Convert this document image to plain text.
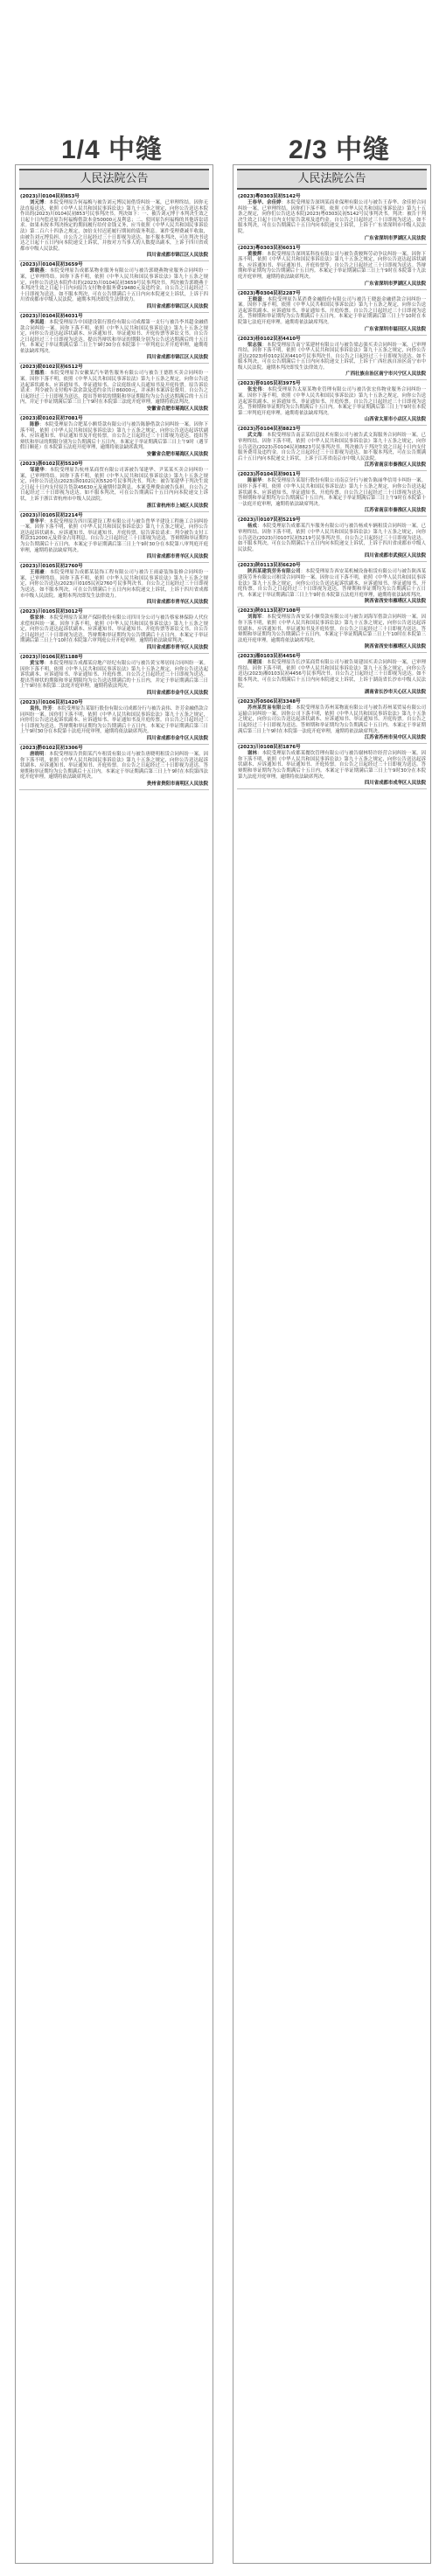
1/4 中缝	2/3 中缝
人民法院公告
(2023)川0104民初853号
刘元博：本院受理原告何福梅与被告刘元博民间借贷纠纷一案，已审理终结。因你无法直接送达，依照《中华人民共和国民事诉讼法》第九十五条之规定，向你公告送达本院作出的(2023)川0104民初853号民事判决书。判决如下：一、被告刘元博于本判决生效之日起十日内偿还原告何福梅借款本金50000元及利息；二、驳回原告何福梅的其他诉讼请求。如果未按本判决指定的期间履行给付金钱义务，应当依照《中华人民共和国民事诉讼法》第二百六十四条之规定，加倍支付迟延履行期间的债务利息。案件受理费减半收取，由被告刘元博负担。自公告之日起经过三十日即视为送达。如不服本判决，可在判决书送达之日起十五日内向本院递交上诉状，并按对方当事人的人数提出副本，上诉于四川省成都市中级人民法院。
四川省成都市锦江区人民法院
(2023)川0104民初3659号
郭晓燕：本院受理原告成都某物业服务有限公司与被告郭晓燕物业服务合同纠纷一案，已审理终结。因你下落不明，依照《中华人民共和国民事诉讼法》第九十五条之规定，向你公告送达本院作出的(2023)川0104民初3659号民事判决书。判决被告郭晓燕于本判决生效之日起十日内向原告支付物业服务费19480元及违约金。自公告之日起经过三十日即视为送达。如不服本判决，可在公告期满后十五日内向本院递交上诉状，上诉于四川省成都市中级人民法院。逾期本判决即发生法律效力。
四川省成都市锦江区人民法院
(2023)川0104民初4031号
李其超：本院受理原告中国建设银行股份有限公司成都第一支行与被告李其超金融借款合同纠纷一案。因你下落不明，依照《中华人民共和国民事诉讼法》第九十五条之规定，向你公告送达起诉状副本、应诉通知书、举证通知书、开庭传票等诉讼文书。自公告之日起经过三十日即视为送达。提出答辩状和举证的期限分别为公告送达期满后的十五日内。本案定于举证期满后第三日上午9时30分在本院第十一审判庭公开开庭审理，逾期将依法缺席判决。
四川省成都市锦江区人民法院
(2023)皖0102民初6512号
王德胜：本院受理原告安徽某汽车销售服务有限公司与被告王德胜买卖合同纠纷一案。因你下落不明，依照《中华人民共和国民事诉讼法》第九十五条之规定，向你公告送达起诉状副本、应诉通知书、举证通知书、合议庭组成人员通知书及开庭传票。原告诉讼请求：判令被告支付购车款余款及违约金共计86000元，并承担本案诉讼费用。自公告之日起经过三十日即视为送达。提出答辩状的期限和举证期限均为公告送达期满后的十五日内，并定于举证期满后第三日上午9时在本院第三法庭开庭审理。逾期将依法判决。
安徽省合肥市瑶海区人民法院
(2023)皖0102民初7081号
陈静：本院受理原告合肥某小额贷款有限公司与被告陈静借款合同纠纷一案。因你下落不明，依照《中华人民共和国民事诉讼法》第九十五条之规定，向你公告送达起诉状副本、应诉通知书、举证通知书及开庭传票。自公告之日起经过三十日即视为送达。提出答辩状和举证的期限分别为公告期满后十五日内。本案定于举证期满后第三日上午9时（遇节假日顺延）在本院第五法庭开庭审理，逾期将依法缺席裁判。
安徽省合肥市瑶海区人民法院
(2023)浙0102民初5520号
邹建华：本院受理原告杭州某商贸有限公司诉被告邹建华、尹某某买卖合同纠纷一案，已审理终结。因你下落不明，依照《中华人民共和国民事诉讼法》第九十五条之规定，向你公告送达(2023)浙0102民初5520号民事判决书。判决：被告邹建华于判决生效之日起十日内支付原告货款45630元及逾期付款利息。本案受理费由被告负担。自公告之日起经过三十日即视为送达。如不服本判决，可在公告期满后十五日内向本院递交上诉状，上诉于浙江省杭州市中级人民法院。
浙江省杭州市上城区人民法院
(2023)川0105民初2214号
曾华平：本院受理原告四川某建设工程有限公司与被告曾华平建设工程施工合同纠纷一案。因你下落不明，依照《中华人民共和国民事诉讼法》第九十五条之规定，向你公告送达起诉状副本、应诉通知书、举证通知书、开庭传票。原告诉讼请求：判令被告支付工程款312000元及资金占用利息。自公告之日起经过三十日即视为送达。答辩期和举证期均为公告期满后十五日内。本案定于举证期满后第三日上午9时30分在本院第八审判庭开庭审理，逾期将依法缺席判决。
四川省成都市青羊区人民法院
(2023)川0105民初2760号
王雨豪：本院受理原告成都某装饰工程有限公司与被告王雨豪装饰装修合同纠纷一案，已审理终结。因你下落不明，依照《中华人民共和国民事诉讼法》第九十五条之规定，向你公告送达(2023)川0105民初2760号民事判决书。自公告之日起经过三十日即视为送达。如不服本判决，可在公告期满后十五日内向本院递交上诉状，上诉于四川省成都市中级人民法院。逾期本判决即发生法律效力。
四川省成都市青羊区人民法院
(2023)川0105民初3012号
蔡家林：本院受理原告某财产保险股份有限公司四川分公司与被告蔡家林保险人代位求偿权纠纷一案。因你下落不明，依照《中华人民共和国民事诉讼法》第九十五条之规定，向你公告送达起诉状副本、应诉通知书、举证通知书、开庭传票等诉讼文书。自公告之日起经过三十日即视为送达。答辩期和举证期均为公告期满后十五日内。本案定于举证期满后第三日上午10时在本院第六审判庭公开开庭审理。逾期将依法缺席判决。
四川省成都市青羊区人民法院
(2023)川0106民初1188号
黄宝琴：本院受理原告成都某房地产经纪有限公司与被告黄宝琴居间合同纠纷一案。因你下落不明，依照《中华人民共和国民事诉讼法》第九十五条之规定，向你公告送达起诉状副本、应诉通知书、举证通知书、开庭传票。自公告之日起经过三十日即视为送达。提出答辩状的期限和举证期限均为公告送达期满后的十五日内，并定于举证期满后第三日上午9时在本院第二法庭开庭审理。逾期将依法判决。
四川省成都市金牛区人民法院
(2023)川0106民初1420号
袁伟, 许芳：本院受理原告某银行股份有限公司成都分行与被告袁伟、许芳金融借款合同纠纷一案。因你们下落不明，依照《中华人民共和国民事诉讼法》第九十五条之规定，向你们公告送达起诉状副本、应诉通知书、举证通知书及开庭传票。自公告之日起经过三十日即视为送达。答辩期和举证期均为公告期满后十五日内。本案定于举证期满后第三日上午9时30分在本院第十法庭开庭审理，逾期将依法缺席判决。
四川省成都市金牛区人民法院
(2023)黔0102民初3306号
唐晓明：本院受理原告贵阳某汽车租赁有限公司与被告唐晓明租赁合同纠纷一案。因你下落不明，依照《中华人民共和国民事诉讼法》第九十五条之规定，向你公告送达起诉状副本、应诉通知书、举证通知书、开庭传票。自公告之日起经过三十日即视为送达。答辩期和举证期均为公告期满后十五日内。本案定于举证期满后第三日上午9时在本院第四法庭开庭审理。逾期将依法缺席判决。
贵州省贵阳市南明区人民法院
人民法院公告
(2023)粤0303民初5142号
王春华、余佳婷：本院受理原告深圳某商业保理有限公司与被告王春华、余佳婷合同纠纷一案，已审理终结。因你们下落不明，依照《中华人民共和国民事诉讼法》第九十五条之规定，向你们公告送达本院(2023)粤0303民初5142号民事判决书。判决：被告于判决生效之日起十日内支付原告款项及违约金。自公告之日起经过三十日即视为送达。如不服本判决，可在公告期满后十五日内向本院递交上诉状，上诉于广东省深圳市中级人民法院。
广东省深圳市罗湖区人民法院
(2023)粤0303民初6031号
黄骏辉：本院受理原告深圳某科技有限公司与被告黄骏辉劳动争议纠纷一案。因你下落不明，依照《中华人民共和国民事诉讼法》第九十五条之规定，向你公告送达起诉状副本、应诉通知书、举证通知书、开庭传票等。自公告之日起经过三十日即视为送达。答辩期和举证期均为公告期满后十五日内。本案定于举证期满后第三日上午9时在本院第十九法庭开庭审理，逾期将依法缺席判决。
广东省深圳市罗湖区人民法院
(2023)粤0304民初2287号
王晓磊：本院受理原告某消费金融股份有限公司与被告王晓磊金融借款合同纠纷一案。因你下落不明，依照《中华人民共和国民事诉讼法》第九十五条之规定，向你公告送达起诉状副本、应诉通知书、举证通知书、开庭传票。自公告之日起经过三十日即视为送达。答辩期和举证期均为公告期满后十五日内。本案定于举证期满后第三日上午10时在本院第七法庭开庭审理。逾期将依法缺席判决。
广东省深圳市福田区人民法院
(2023)桂0102民初4410号
梁志强：本院受理原告南宁某建材有限公司与被告梁志强买卖合同纠纷一案，已审理终结。因你下落不明，依照《中华人民共和国民事诉讼法》第九十五条之规定，向你公告送达(2023)桂0102民初4410号民事判决书。自公告之日起经过三十日即视为送达。如不服本判决，可在公告期满后十五日内向本院递交上诉状，上诉于广西壮族自治区南宁市中级人民法院。逾期本判决即发生法律效力。
广西壮族自治区南宁市兴宁区人民法院
(2023)晋0105民初3975号
张宏伟：本院受理原告太原某物业管理有限公司与被告张宏伟物业服务合同纠纷一案。因你下落不明，依照《中华人民共和国民事诉讼法》第九十五条之规定，向你公告送达起诉状副本、应诉通知书、举证通知书、开庭传票。自公告之日起经过三十日即视为送达。答辩期和举证期均为公告期满后十五日内。本案定于举证期满后第三日上午9时在本院第二审判庭开庭审理。逾期将依法缺席判决。
山西省太原市小店区人民法院
(2023)苏0104民初8823号
武文海：本院受理原告南京某信息技术有限公司与被告武文海服务合同纠纷一案，已审理终结。因你下落不明，依照《中华人民共和国民事诉讼法》第九十五条之规定，向你公告送达(2023)苏0104民初8823号民事判决书。判决被告于判决生效之日起十日内支付服务费用及违约金。自公告之日起经过三十日即视为送达。如不服本判决，可在公告期满后十五日内向本院递交上诉状，上诉于江苏省南京市中级人民法院。
江苏省南京市秦淮区人民法院
(2023)苏0104民初9011号
陈丽华：本院受理原告某银行股份有限公司南京分行与被告陈丽华信用卡纠纷一案。因你下落不明，依照《中华人民共和国民事诉讼法》第九十五条之规定，向你公告送达起诉状副本、应诉通知书、举证通知书、开庭传票。自公告之日起经过三十日即视为送达。答辩期和举证期均为公告期满后十五日内。本案定于举证期满后第三日上午9时在本院第十一法庭开庭审理，逾期将依法缺席判决。
江苏省南京市秦淮区人民法院
(2023)川0107民初5219号
杨成：本院受理原告成都某汽车服务有限公司与被告杨成车辆租赁合同纠纷一案，已审理终结。因你下落不明，依照《中华人民共和国民事诉讼法》第九十五条之规定，向你公告送达(2023)川0107民初5219号民事判决书。自公告之日起经过三十日即视为送达。如不服本判决，可在公告期满后十五日内向本院递交上诉状，上诉于四川省成都市中级人民法院。
四川省成都市武侯区人民法院
(2023)陕0113民初6620号
陕西某建筑劳务有限公司：本院受理原告西安某机械设备租赁有限公司与被告陕西某建筑劳务有限公司租赁合同纠纷一案。因你公司下落不明，依照《中华人民共和国民事诉讼法》第九十五条之规定，向你公司公告送达起诉状副本、应诉通知书、举证通知书、开庭传票。自公告之日起经过三十日即视为送达。答辩期和举证期均为公告期满后十五日内。本案定于举证期满后第三日上午9时在本院第五法庭开庭审理，逾期将依法缺席判决。
陕西省西安市雁塔区人民法院
(2023)陕0113民初7108号
刘海军：本院受理原告西安某小额贷款有限公司与被告刘海军借款合同纠纷一案。因你下落不明，依照《中华人民共和国民事诉讼法》第九十五条之规定，向你公告送达起诉状副本、应诉通知书、举证通知书及开庭传票。自公告之日起经过三十日即视为送达。答辩期和举证期均为公告期满后十五日内。本案定于举证期满后第三日上午10时在本院第三法庭开庭审理。逾期将依法缺席判决。
陕西省西安市雁塔区人民法院
(2023)湘0103民初4456号
周建国：本院受理原告长沙某商贸有限公司与被告周建国买卖合同纠纷一案，已审理终结。因你下落不明，依照《中华人民共和国民事诉讼法》第九十五条之规定，向你公告送达(2023)湘0103民初4456号民事判决书。自公告之日起经过三十日即视为送达。如不服本判决，可在公告期满后十五日内向本院递交上诉状，上诉于湖南省长沙市中级人民法院。
湖南省长沙市天心区人民法院
(2023)苏0506民初3348号
苏州某贸易有限公司：本院受理原告苏州某物流有限公司与被告苏州某贸易有限公司运输合同纠纷一案。因你公司下落不明，依照《中华人民共和国民事诉讼法》第九十五条之规定，向你公司公告送达起诉状副本、应诉通知书、举证通知书、开庭传票。自公告之日起经过三十日即视为送达。答辩期和举证期均为公告期满后十五日内。本案定于举证期满后第三日上午9时在本院第一法庭开庭审理，逾期将依法缺席判决。
江苏省苏州市吴中区人民法院
(2023)川0108民初1876号
谢林：本院受理原告成都某餐饮管理有限公司与被告谢林特许经营合同纠纷一案。因你下落不明，依照《中华人民共和国民事诉讼法》第九十五条之规定，向你公告送达起诉状副本、应诉通知书、举证通知书、开庭传票。自公告之日起经过三十日即视为送达。答辩期和举证期均为公告期满后十五日内。本案定于举证期满后第三日上午9时30分在本院第九法庭开庭审理，逾期将依法缺席判决。
四川省成都市成华区人民法院
